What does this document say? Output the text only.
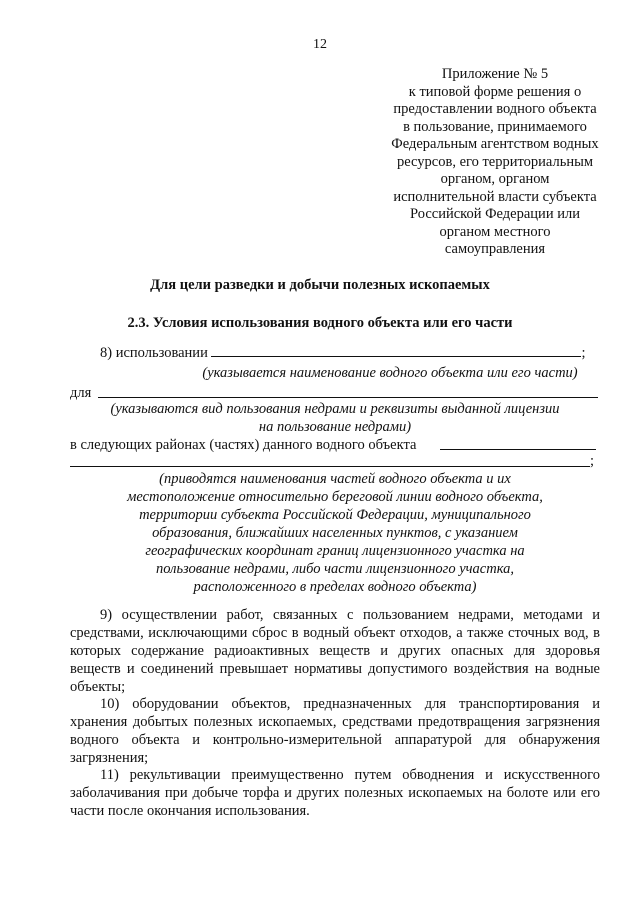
12
Приложение № 5
к типовой форме решения о
предоставлении водного объекта
в пользование, принимаемого
Федеральным агентством водных
ресурсов, его территориальным
органом, органом
исполнительной власти субъекта
Российской Федерации или
органом местного
самоуправления
Для цели разведки и добычи полезных ископаемых
2.3. Условия использования водного объекта или его части
8) использовании	;
(указывается наименование водного объекта или его части)
для
(указываются вид пользования недрами и реквизиты выданной лицензии
на пользование недрами)
в следующих районах (частях) данного водного объекта
;
(приводятся наименования частей водного объекта и их
местоположение относительно береговой линии водного объекта,
территории субъекта Российской Федерации, муниципального
образования, ближайших населенных пунктов, с указанием
географических координат границ лицензионного участка на
пользование недрами, либо части лицензионного участка,
расположенного в пределах водного объекта)
9) осуществлении работ, связанных с пользованием недрами, методами и средствами, исключающими сброс в водный объект отходов, а также сточных вод, в которых содержание радиоактивных веществ и других опасных для здоровья веществ и соединений превышает нормативы допустимого воздействия на водные объекты;
10) оборудовании объектов, предназначенных для транспортирования и хранения добытых полезных ископаемых, средствами предотвращения загрязнения водного объекта и контрольно-измерительной аппаратурой для обнаружения загрязнения;
11) рекультивации преимущественно путем обводнения и искусственного заболачивания при добыче торфа и других полезных ископаемых на болоте или его части после окончания использования.
